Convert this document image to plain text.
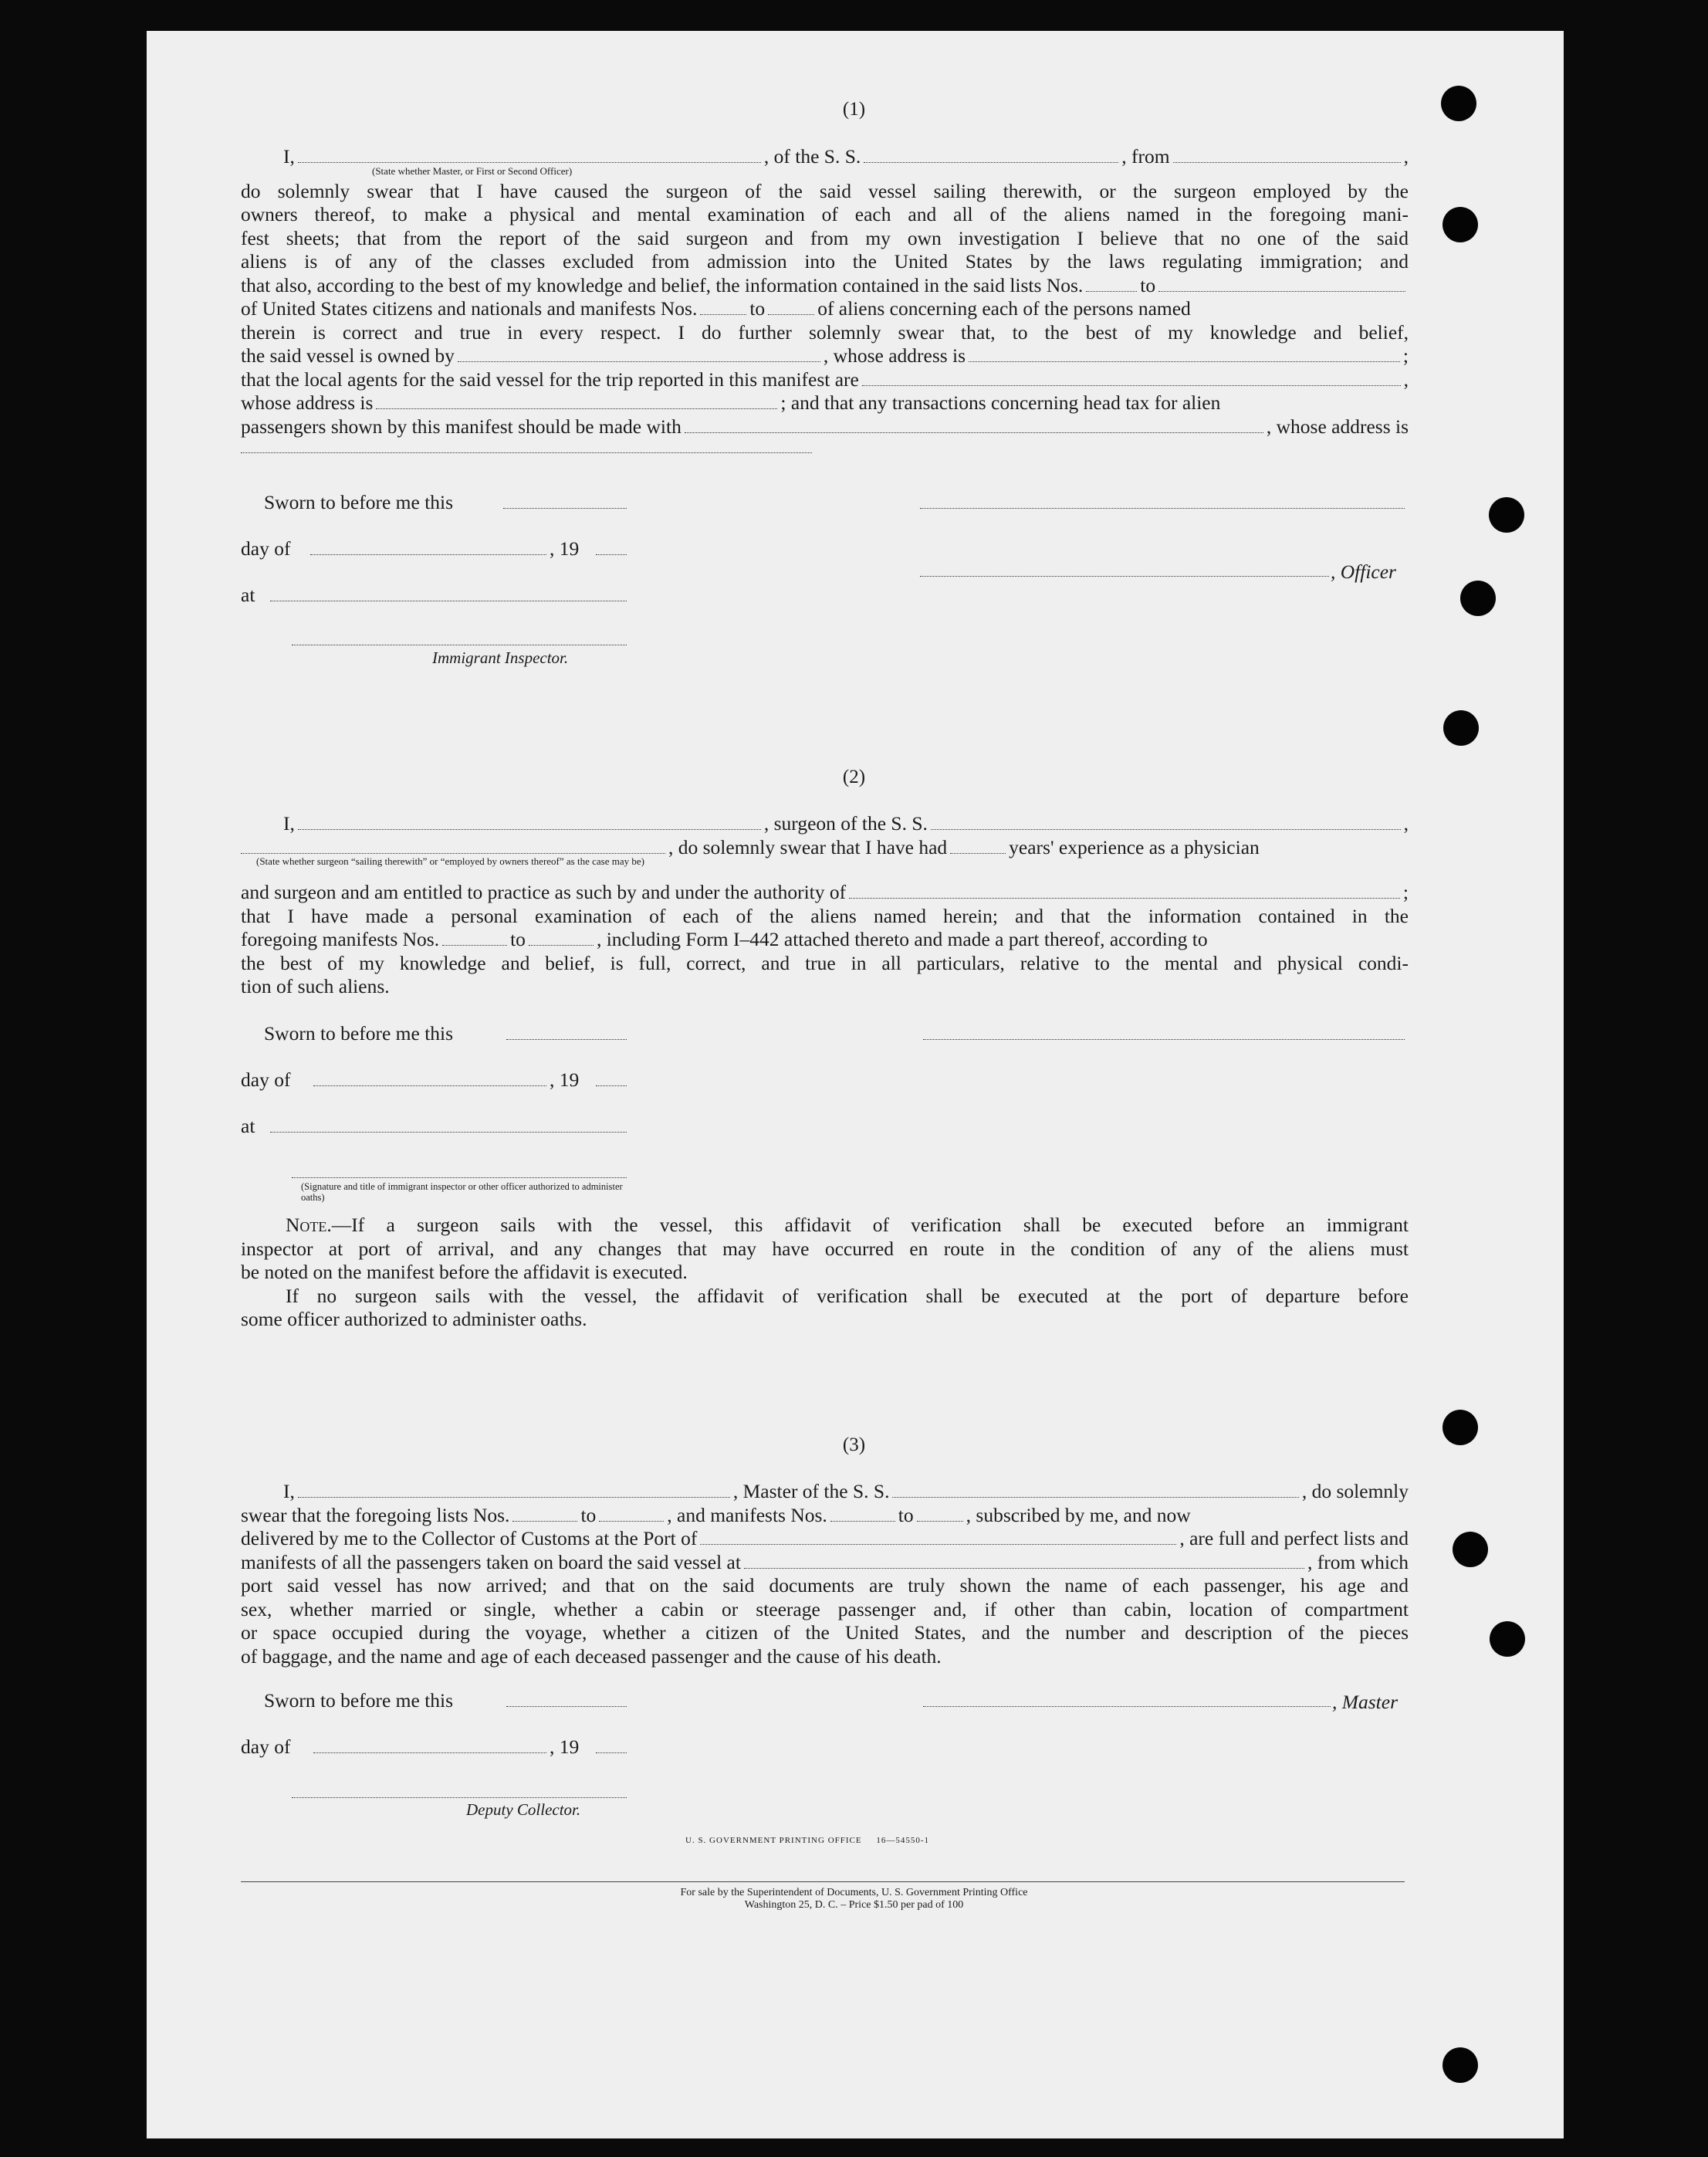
(1)
I,	, of the S. S.	, from	,
(State whether Master, or First or Second Officer)
do solemnly swear that I have caused the surgeon of the said vessel sailing therewith, or the surgeon employed by the
owners thereof, to make a physical and mental examination of each and all of the aliens named in the foregoing mani-
fest sheets; that from the report of the said surgeon and from my own investigation I believe that no one of the said
aliens is of any of the classes excluded from admission into the United States by the laws regulating immigration; and
that also, according to the best of my knowledge and belief, the information contained in the said lists Nos.	to
of United States citizens and nationals and manifests Nos.	to	of aliens concerning each of the persons named
therein is correct and true in every respect. I do further solemnly swear that, to the best of my knowledge and belief,
the said vessel is owned by	, whose address is	;
that the local agents for the said vessel for the trip reported in this manifest are	,
whose address is	; and that any transactions concerning head tax for alien
passengers shown by this manifest should be made with	, whose address is
Sworn to before me this
day of	, 19
at
Immigrant Inspector.
, Officer
(2)
I,	, surgeon of the S. S.	,
, do solemnly swear that I have had	years' experience as a physician
(State whether surgeon “sailing therewith” or “employed by owners thereof” as the case may be)
and surgeon and am entitled to practice as such by and under the authority of	;
that I have made a personal examination of each of the aliens named herein; and that the information contained in the
foregoing manifests Nos.	to	, including Form I–442 attached thereto and made a part thereof, according to
the best of my knowledge and belief, is full, correct, and true in all particulars, relative to the mental and physical condi-
tion of such aliens.
Sworn to before me this
day of	, 19
at
(Signature and title of immigrant inspector or other officer authorized to administer oaths)
Note.—If a surgeon sails with the vessel, this affidavit of verification shall be executed before an immigrant
inspector at port of arrival, and any changes that may have occurred en route in the condition of any of the aliens must
be noted on the manifest before the affidavit is executed.
If no surgeon sails with the vessel, the affidavit of verification shall be executed at the port of departure before
some officer authorized to administer oaths.
(3)
I,	, Master of the S. S.	, do solemnly
swear that the foregoing lists Nos.	to	, and manifests Nos.	to	, subscribed by me, and now
delivered by me to the Collector of Customs at the Port of	, are full and perfect lists and
manifests of all the passengers taken on board the said vessel at	, from which
port said vessel has now arrived; and that on the said documents are truly shown the name of each passenger, his age and
sex, whether married or single, whether a cabin or steerage passenger and, if other than cabin, location of compartment
or space occupied during the voyage, whether a citizen of the United States, and the number and description of the pieces
of baggage, and the name and age of each deceased passenger and the cause of his death.
Sworn to before me this
day of	, 19
Deputy Collector.
, Master
U. S. GOVERNMENT PRINTING OFFICE     16—54550-1
For sale by the Superintendent of Documents, U. S. Government Printing Office
Washington 25, D. C. – Price $1.50 per pad of 100
